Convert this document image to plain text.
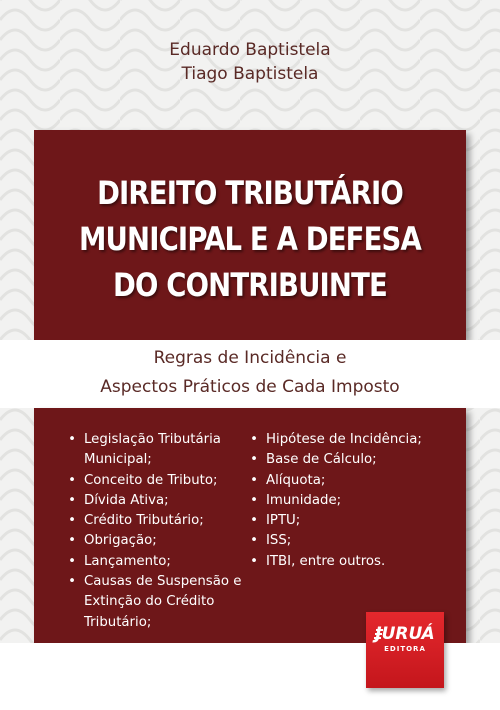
Eduardo Baptistela
Tiago Baptistela
DIREITO TRIBUTÁRIO
MUNICIPAL E A DEFESA
DO CONTRIBUINTE
Regras de Incidência e
Aspectos Práticos de Cada Imposto
• Legislação Tributária
Municipal;
• Conceito de Tributo;
• Dívida Ativa;
• Crédito Tributário;
• Obrigação;
• Lançamento;
• Causas de Suspensão e
Extinção do Crédito
Tributário;
• Hipótese de Incidência;
• Base de Cálculo;
• Alíquota;
• Imunidade;
• IPTU;
• ISS;
• ITBI, entre outros.
JURUÁ
EDITORA
